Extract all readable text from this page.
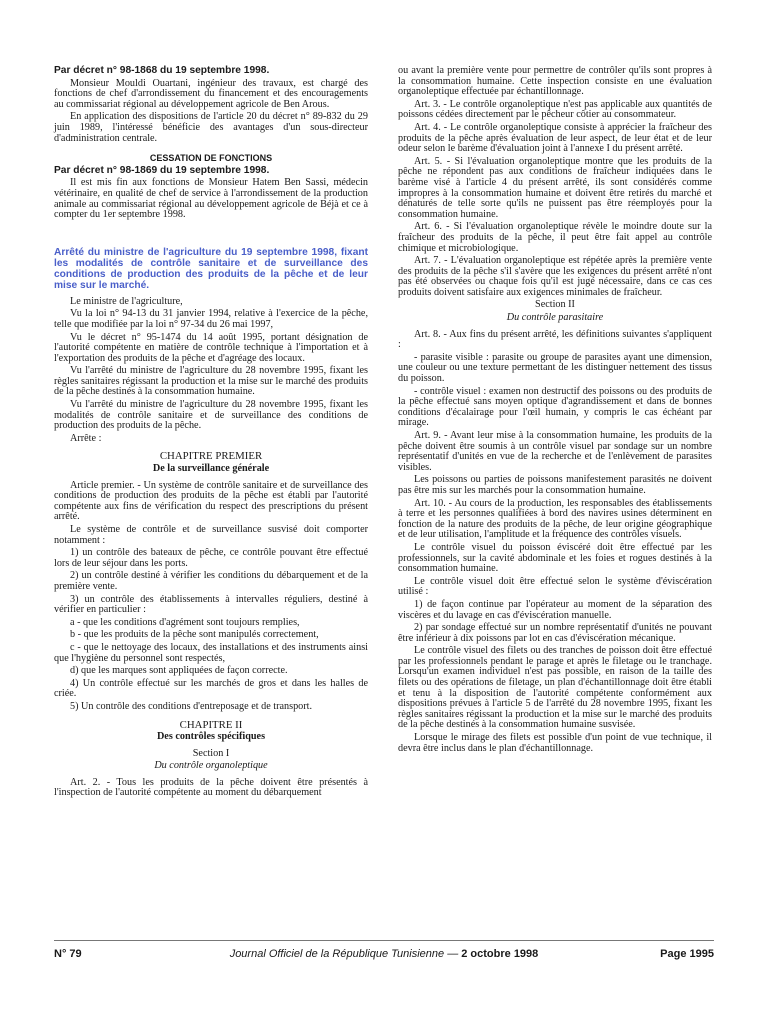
Par décret n° 98-1868 du 19 septembre 1998.

Monsieur Mouldi Ouartani, ingénieur des travaux, est chargé des fonctions de chef d'arrondissement du financement et des encouragements au commissariat régional au développement agricole de Ben Arous.

En application des dispositions de l'article 20 du décret n° 89-832 du 29 juin 1989, l'intéressé bénéficie des avantages d'un sous-directeur d'administration centrale.

CESSATION DE FONCTIONS

Par décret n° 98-1869 du 19 septembre 1998.

Il est mis fin aux fonctions de Monsieur Hatem Ben Sassi, médecin vétérinaire, en qualité de chef de service à l'arrondissement de la production animale au commissariat régional au développement agricole de Béjà et ce à compter du 1er septembre 1998.

Arrêté du ministre de l'agriculture du 19 septembre 1998, fixant les modalités de contrôle sanitaire et de surveillance des conditions de production des produits de la pêche et de leur mise sur le marché.

Le ministre de l'agriculture,

Vu la loi n° 94-13 du 31 janvier 1994, relative à l'exercice de la pêche, telle que modifiée par la loi n° 97-34 du 26 mai 1997,

Vu le décret n° 95-1474 du 14 août 1995, portant désignation de l'autorité compétente en matière de contrôle technique à l'importation et à l'exportation des produits de la pêche et d'agréage des locaux.

Vu l'arrêté du ministre de l'agriculture du 28 novembre 1995, fixant les règles sanitaires régissant la production et la mise sur le marché des produits de la pêche destinés à la consommation humaine.

Vu l'arrêté du ministre de l'agriculture du 28 novembre 1995, fixant les modalités de contrôle sanitaire et de surveillance des conditions de production des produits de la pêche.

Arrête :

CHAPITRE PREMIER

De la surveillance générale

Article premier. - Un système de contrôle sanitaire et de surveillance des conditions de production des produits de la pêche est établi par l'autorité compétente aux fins de vérification du respect des prescriptions du présent arrêté.

Le système de contrôle et de surveillance susvisé doit comporter notamment :

1) un contrôle des bateaux de pêche, ce contrôle pouvant être effectué lors de leur séjour dans les ports.

2) un contrôle destiné à vérifier les conditions du débarquement et de la première vente.

3) un contrôle des établissements à intervalles réguliers, destiné à vérifier en particulier :

a - que les conditions d'agrément sont toujours remplies,

b - que les produits de la pêche sont manipulés correctement,

c - que le nettoyage des locaux, des installations et des instruments ainsi que l'hygiène du personnel sont respectés,

d) que les marques sont appliquées de façon correcte.

4) Un contrôle effectué sur les marchés de gros et dans les halles de criée.

5) Un contrôle des conditions d'entreposage et de transport.

CHAPITRE II

Des contrôles spécifiques

Section I

Du contrôle organoleptique

Art. 2. - Tous les produits de la pêche doivent être présentés à l'inspection de l'autorité compétente au moment du débarquement

ou avant la première vente pour permettre de contrôler qu'ils sont propres à la consommation humaine. Cette inspection consiste en une évaluation organoleptique effectuée par échantillonnage.

Art. 3. - Le contrôle organoleptique n'est pas applicable aux quantités de poissons cédées directement par le pêcheur côtier au consommateur.

Art. 4. - Le contrôle organoleptique consiste à apprécier la fraîcheur des produits de la pêche après évaluation de leur aspect, de leur état et de leur odeur selon le barème d'évaluation joint à l'annexe I du présent arrêté.

Art. 5. - Si l'évaluation organoleptique montre que les produits de la pêche ne répondent pas aux conditions de fraîcheur indiquées dans le barème visé à l'article 4 du présent arrêté, ils sont considérés comme impropres à la consommation humaine et doivent être retirés du marché et dénaturés de telle sorte qu'ils ne puissent pas être réemployés pour la consommation humaine.

Art. 6. - Si l'évaluation organoleptique révèle le moindre doute sur la fraîcheur des produits de la pêche, il peut être fait appel au contrôle chimique et microbiologique.

Art. 7. - L'évaluation organoleptique est répétée après la première vente des produits de la pêche s'il s'avère que les exigences du présent arrêté n'ont pas été observées ou chaque fois qu'il est jugé nécessaire, dans ce cas ces produits doivent satisfaire aux exigences minimales de fraîcheur.

Section II

Du contrôle parasitaire

Art. 8. - Aux fins du présent arrêté, les définitions suivantes s'appliquent :

- parasite visible : parasite ou groupe de parasites ayant une dimension, une couleur ou une texture permettant de les distinguer nettement des tissus du poisson.

- contrôle visuel : examen non destructif des poissons ou des produits de la pêche effectué sans moyen optique d'agrandissement et dans de bonnes conditions d'écalairage pour l'œil humain, y compris le cas échéant par mirage.

Art. 9. - Avant leur mise à la consommation humaine, les produits de la pêche doivent être soumis à un contrôle visuel par sondage sur un nombre représentatif d'unités en vue de la recherche et de l'enlèvement de parasites visibles.

Les poissons ou parties de poissons manifestement parasités ne doivent pas être mis sur les marchés pour la consommation humaine.

Art. 10. - Au cours de la production, les responsables des établissements à terre et les personnes qualifiées à bord des navires usines déterminent en fonction de la nature des produits de la pêche, de leur origine géographique et de leur utilisation, l'amplitude et la fréquence des contrôles visuels.

Le contrôle visuel du poisson éviscéré doit être effectué par les professionnels, sur la cavité abdominale et les foies et rogues destinés à la consommation humaine.

Le contrôle visuel doit être effectué selon le système d'éviscération utilisé :

1) de façon continue par l'opérateur au moment de la séparation des viscères et du lavage en cas d'éviscération manuelle.

2) par sondage effectué sur un nombre représentatif d'unités ne pouvant être inférieur à dix poissons par lot en cas d'éviscération mécanique.

Le contrôle visuel des filets ou des tranches de poisson doit être effectué par les professionnels pendant le parage et après le filetage ou le tranchage. Lorsqu'un examen individuel n'est pas possible, en raison de la taille des filets ou des opérations de filetage, un plan d'échantillonnage doit être établi et tenu à la disposition de l'autorité compétente conformément aux dispositions prévues à l'article 5 de l'arrêté du 28 novembre 1995, fixant les règles sanitaires régissant la production et la mise sur le marché des produits de la pêche destinés à la consommation humaine susvisée.

Lorsque le mirage des filets est possible d'un point de vue technique, il devra être inclus dans le plan d'échantillonnage.

N° 79	Journal Officiel de la République Tunisienne — 2 octobre 1998	Page 1995
